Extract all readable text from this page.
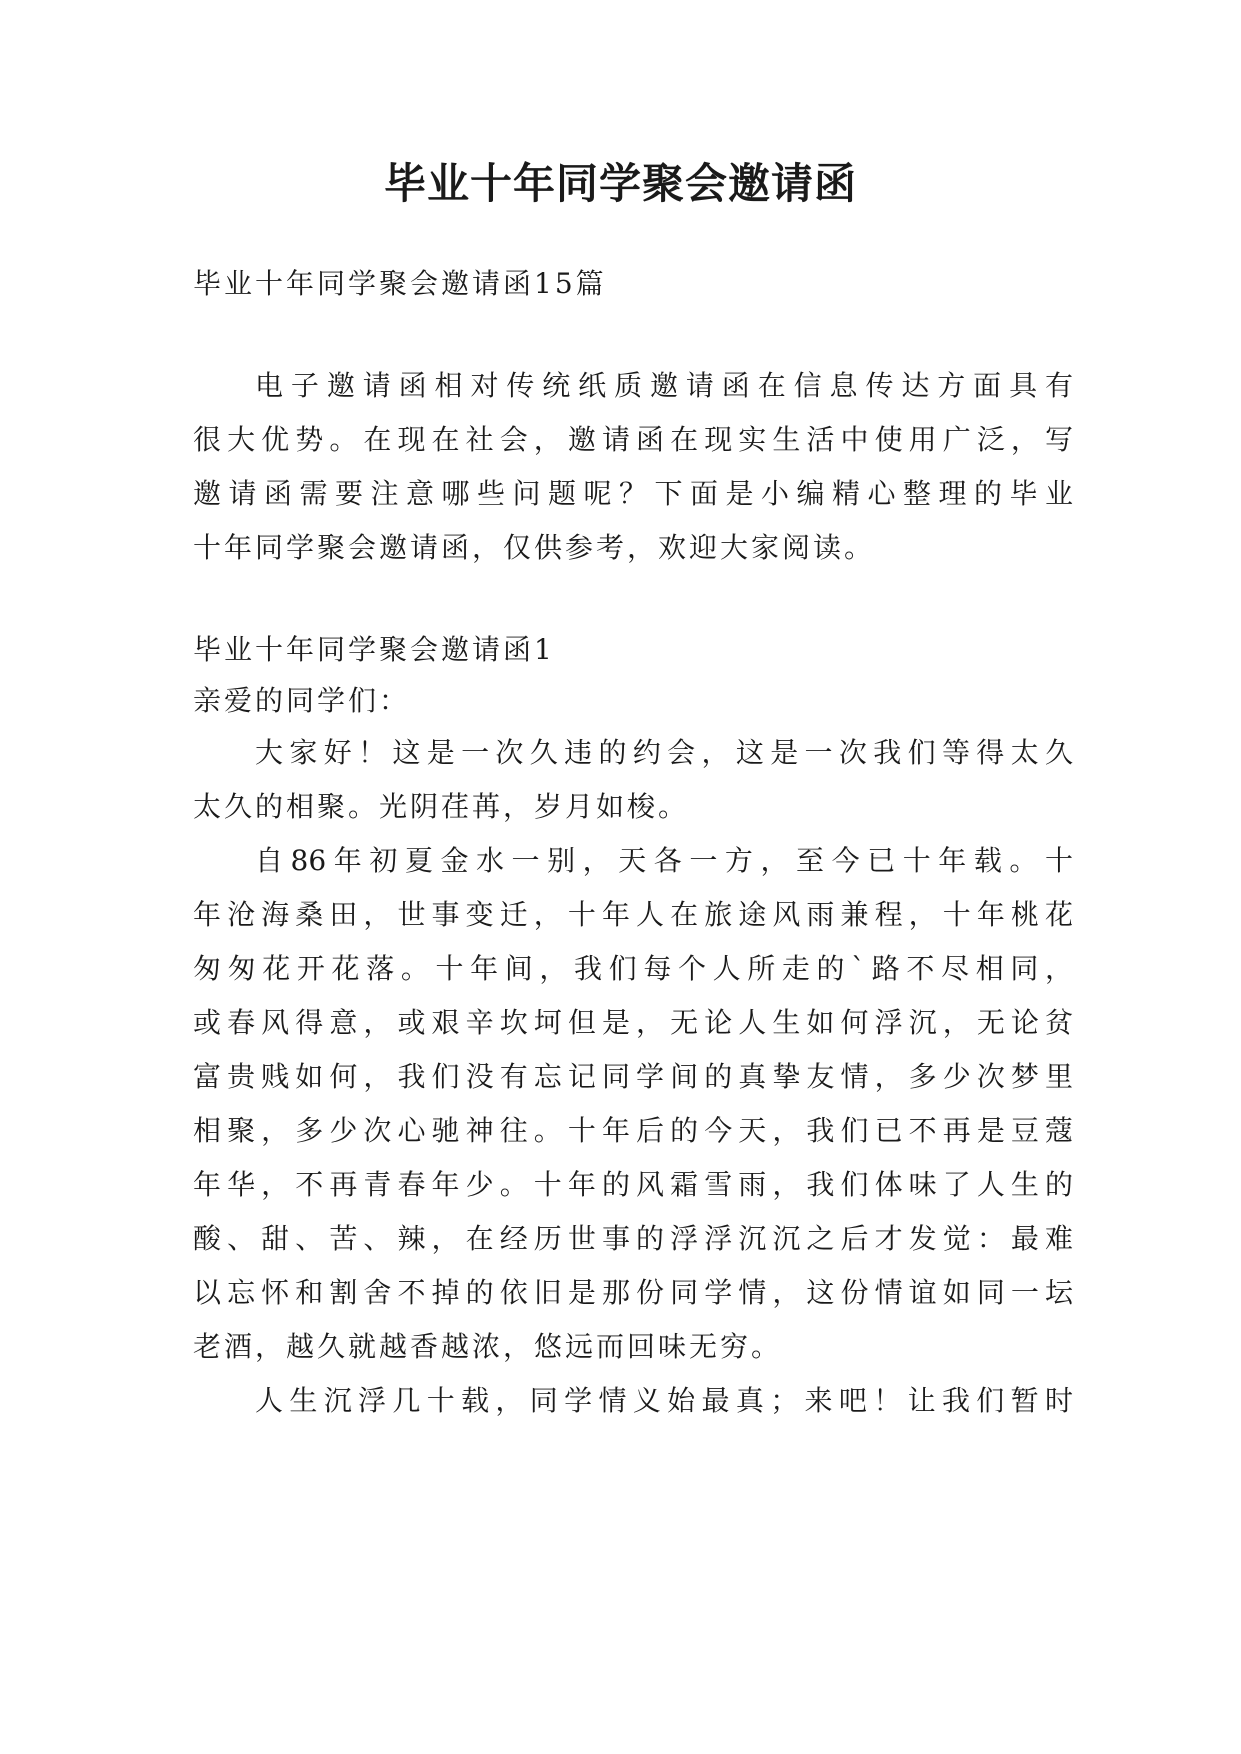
毕业十年同学聚会邀请函
毕业十年同学聚会邀请函15篇
电子邀请函相对传统纸质邀请函在信息传达方面具有
很大优势。在现在社会，邀请函在现实生活中使用广泛，写
邀请函需要注意哪些问题呢？下面是小编精心整理的毕业
十年同学聚会邀请函，仅供参考，欢迎大家阅读。
毕业十年同学聚会邀请函1
亲爱的同学们：
大家好！这是一次久违的约会，这是一次我们等得太久
太久的相聚。光阴荏苒，岁月如梭。
自86年初夏金水一别，天各一方，至今已十年载。十
年沧海桑田，世事变迁，十年人在旅途风雨兼程，十年桃花
匆匆花开花落。十年间，我们每个人所走的`路不尽相同，
或春风得意，或艰辛坎坷但是，无论人生如何浮沉，无论贫
富贵贱如何，我们没有忘记同学间的真挚友情，多少次梦里
相聚，多少次心驰神往。十年后的今天，我们已不再是豆蔻
年华，不再青春年少。十年的风霜雪雨，我们体味了人生的
酸、甜、苦、辣，在经历世事的浮浮沉沉之后才发觉：最难
以忘怀和割舍不掉的依旧是那份同学情，这份情谊如同一坛
老酒，越久就越香越浓，悠远而回味无穷。
人生沉浮几十载，同学情义始最真；来吧！让我们暂时
